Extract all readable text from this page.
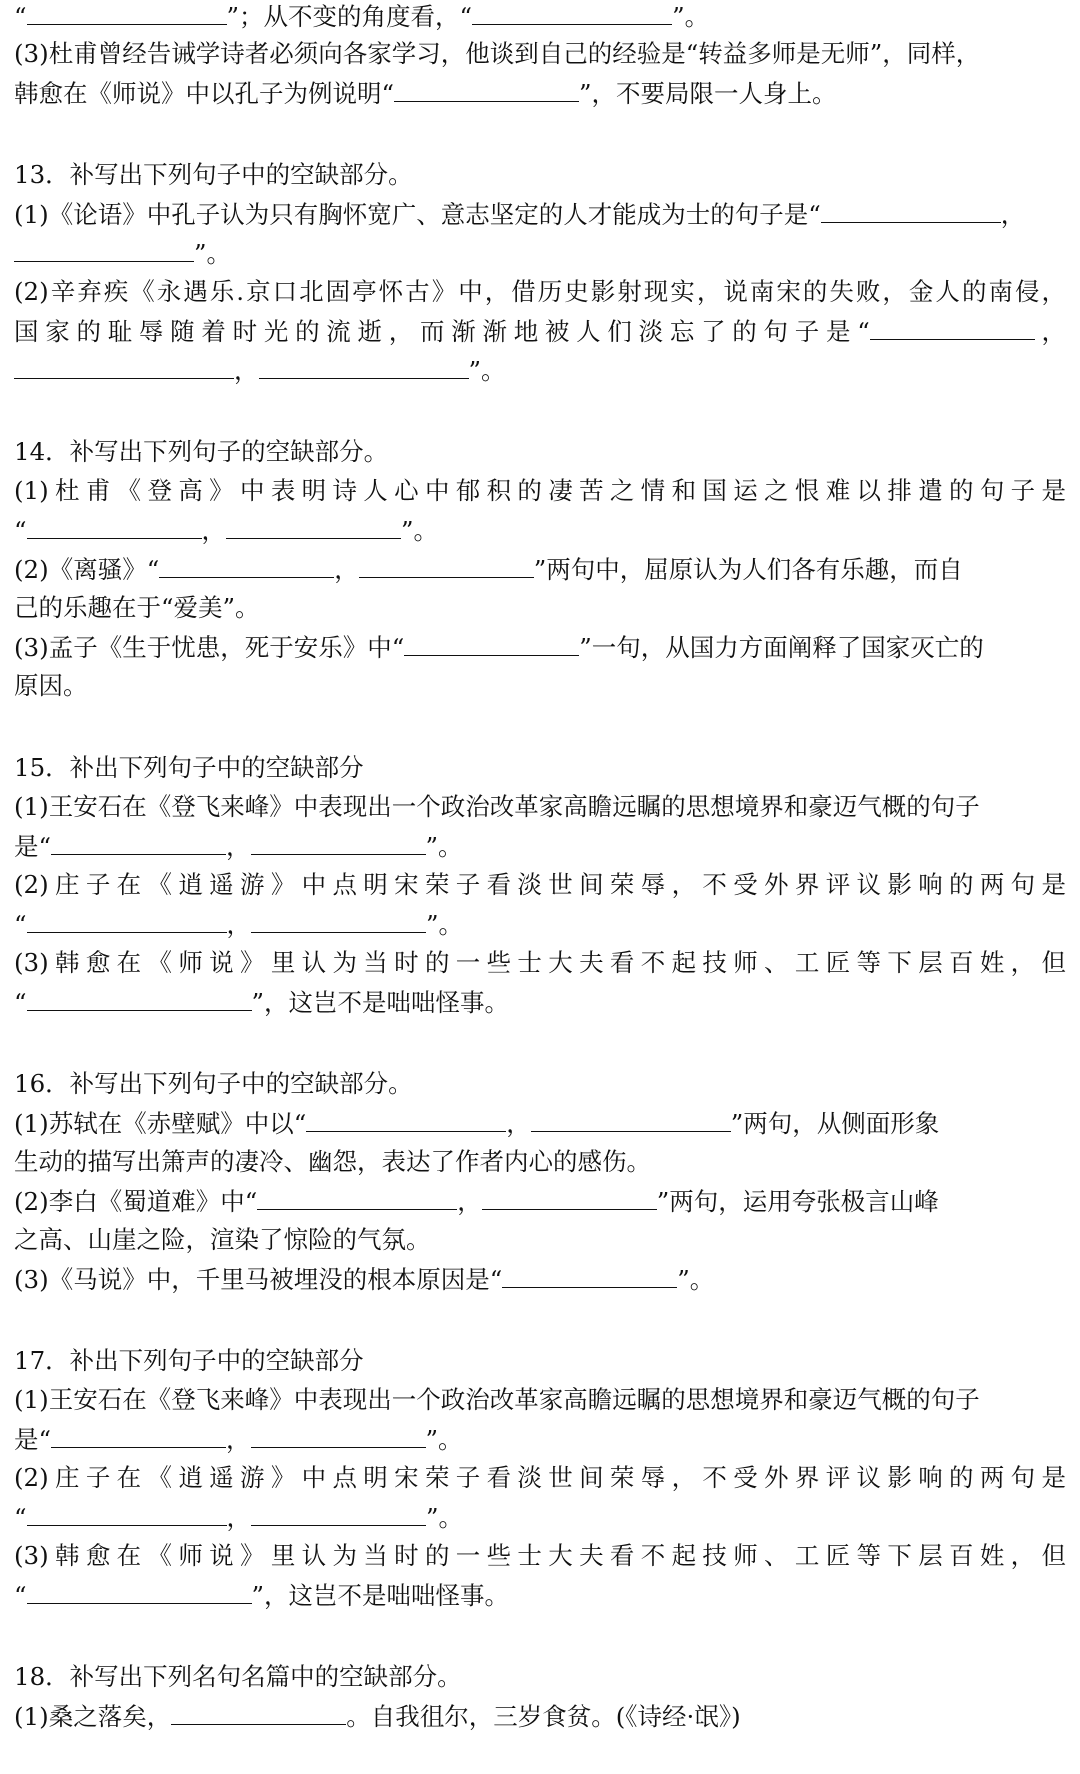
“	”；从不变的角度看，“	”。
(3)杜甫曾经告诫学诗者必须向各家学习，他谈到自己的经验是“转益多师是无师”，同样，
韩愈在《师说》中以孔子为例说明“	”，不要局限一人身上。
13．补写出下列句子中的空缺部分。
(1)《论语》中孔子认为只有胸怀宽广、意志坚定的人才能成为士的句子是“	，
”。
(2)辛弃疾《永遇乐.京口北固亭怀古》中，借历史影射现实，说南宋的失败，金人的南侵，
国家的耻辱随着时光的流逝，而渐渐地被人们淡忘了的句子是“	，
，	”。
14．补写出下列句子的空缺部分。
(1)杜甫《登高》中表明诗人心中郁积的凄苦之情和国运之恨难以排遣的句子是
“	，	”。
(2)《离骚》“	，	”两句中，屈原认为人们各有乐趣，而自
己的乐趣在于“爱美”。
(3)孟子《生于忧患，死于安乐》中“	”一句，从国力方面阐释了国家灭亡的
原因。
15．补出下列句子中的空缺部分
(1)王安石在《登飞来峰》中表现出一个政治改革家高瞻远瞩的思想境界和豪迈气概的句子
是“	，	”。
(2)庄子在《逍遥游》中点明宋荣子看淡世间荣辱，不受外界评议影响的两句是
“	，	”。
(3)韩愈在《师说》里认为当时的一些士大夫看不起技师、工匠等下层百姓，但
“	”，这岂不是咄咄怪事。
16．补写出下列句子中的空缺部分。
(1)苏轼在《赤壁赋》中以“	，	”两句，从侧面形象
生动的描写出箫声的凄冷、幽怨，表达了作者内心的感伤。
(2)李白《蜀道难》中“	，	”两句，运用夸张极言山峰
之高、山崖之险，渲染了惊险的气氛。
(3)《马说》中，千里马被埋没的根本原因是“	”。
17．补出下列句子中的空缺部分
(1)王安石在《登飞来峰》中表现出一个政治改革家高瞻远瞩的思想境界和豪迈气概的句子
是“	，	”。
(2)庄子在《逍遥游》中点明宋荣子看淡世间荣辱，不受外界评议影响的两句是
“	，	”。
(3)韩愈在《师说》里认为当时的一些士大夫看不起技师、工匠等下层百姓，但
“	”，这岂不是咄咄怪事。
18．补写出下列名句名篇中的空缺部分。
(1)桑之落矣，	。自我徂尔，三岁食贫。(《诗经·氓》)
